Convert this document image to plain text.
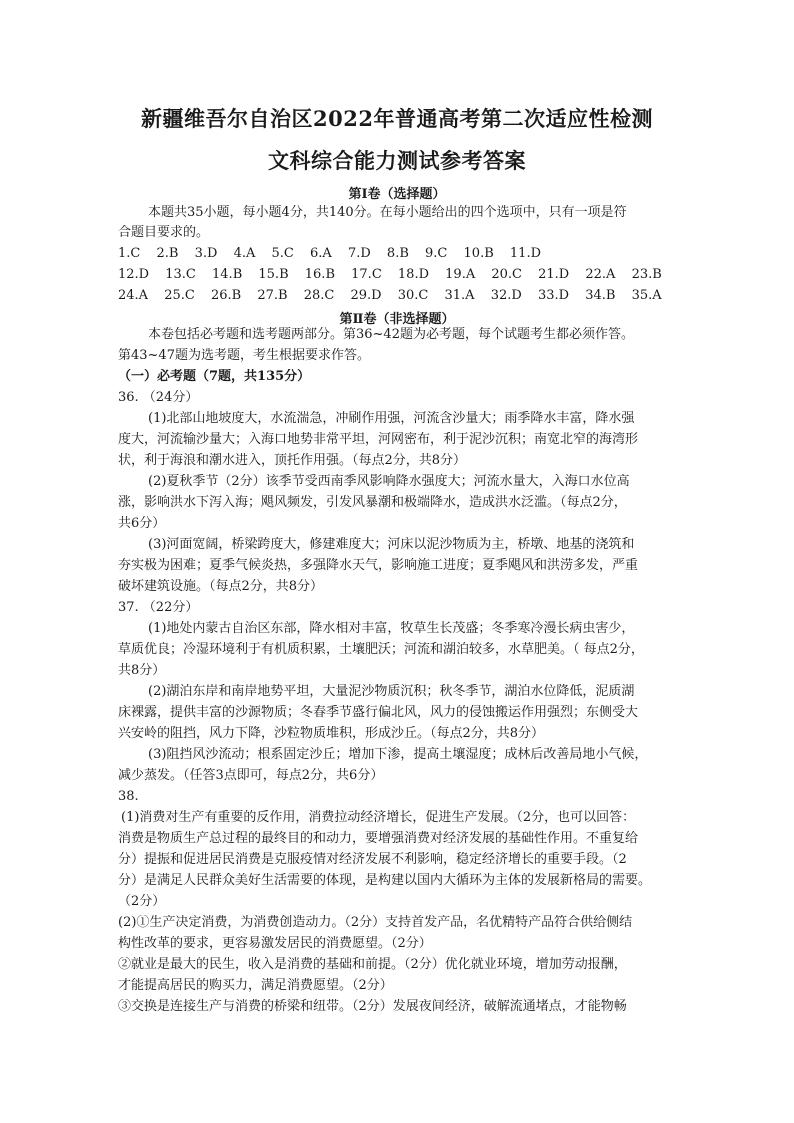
新疆维吾尔自治区2022年普通高考第二次适应性检测
文科综合能力测试参考答案
第Ⅰ卷（选择题）
本题共35小题，每小题4分，共140分。在每小题给出的四个选项中，只有一项是符
合题目要求的。
1.C 2.B 3.D 4.A 5.C 6.A 7.D 8.B 9.C 10.B 11.D
12.D 13.C 14.B 15.B 16.B 17.C 18.D 19.A 20.C 21.D 22.A 23.B
24.A 25.C 26.B 27.B 28.C 29.D 30.C 31.A 32.D 33.D 34.B 35.A
第Ⅱ卷（非选择题）
本卷包括必考题和选考题两部分。第36~42题为必考题，每个试题考生都必须作答。
第43~47题为选考题，考生根据要求作答。
（一）必考题（7题，共135分）
36. （24分）
(1)北部山地坡度大，水流湍急，冲刷作用强，河流含沙量大；雨季降水丰富，降水强
度大，河流输沙量大；入海口地势非常平坦，河网密布，利于泥沙沉积；南宽北窄的海湾形
状，利于海浪和潮水进入，顶托作用强。（每点2分，共8分）
(2)夏秋季节（2分）该季节受西南季风影响降水强度大；河流水量大，入海口水位高
涨，影响洪水下泻入海；飓风频发，引发风暴潮和极端降水，造成洪水泛滥。（每点2分，
共6分）
(3)河面宽阔，桥梁跨度大，修建难度大；河床以泥沙物质为主，桥墩、地基的浇筑和
夯实极为困难；夏季气候炎热，多强降水天气，影响施工进度；夏季飓风和洪涝多发，严重
破坏建筑设施。（每点2分，共8分）
37. （22分）
(1)地处内蒙古自治区东部，降水相对丰富，牧草生长茂盛；冬季寒冷漫长病虫害少，
草质优良；冷湿环境利于有机质积累，土壤肥沃；河流和湖泊较多，水草肥美。（ 每点2分，
共8分）
(2)湖泊东岸和南岸地势平坦，大量泥沙物质沉积；秋冬季节，湖泊水位降低，泥质湖
床裸露，提供丰富的沙源物质；冬春季节盛行偏北风，风力的侵蚀搬运作用强烈；东侧受大
兴安岭的阻挡，风力下降，沙粒物质堆积，形成沙丘。（每点2分，共8分）
(3)阻挡风沙流动；根系固定沙丘；增加下渗，提高土壤湿度；成林后改善局地小气候，
减少蒸发。（任答3点即可，每点2分，共6分）
38.
(1)消费对生产有重要的反作用，消费拉动经济增长，促进生产发展。（2分，也可以回答：
消费是物质生产总过程的最终目的和动力，要增强消费对经济发展的基础性作用。不重复给
分）提振和促进居民消费是克服疫情对经济发展不利影响，稳定经济增长的重要手段。（2
分）是满足人民群众美好生活需要的体现，是构建以国内大循环为主体的发展新格局的需要。
（2分）
(2)①生产决定消费，为消费创造动力。（2分）支持首发产品，名优精特产品符合供给侧结
构性改革的要求，更容易激发居民的消费愿望。（2分）
②就业是最大的民生，收入是消费的基础和前提。（2分）优化就业环境，增加劳动报酬，
才能提高居民的购买力，满足消费愿望。（2分）
③交换是连接生产与消费的桥梁和纽带。（2分）发展夜间经济，破解流通堵点，才能物畅
